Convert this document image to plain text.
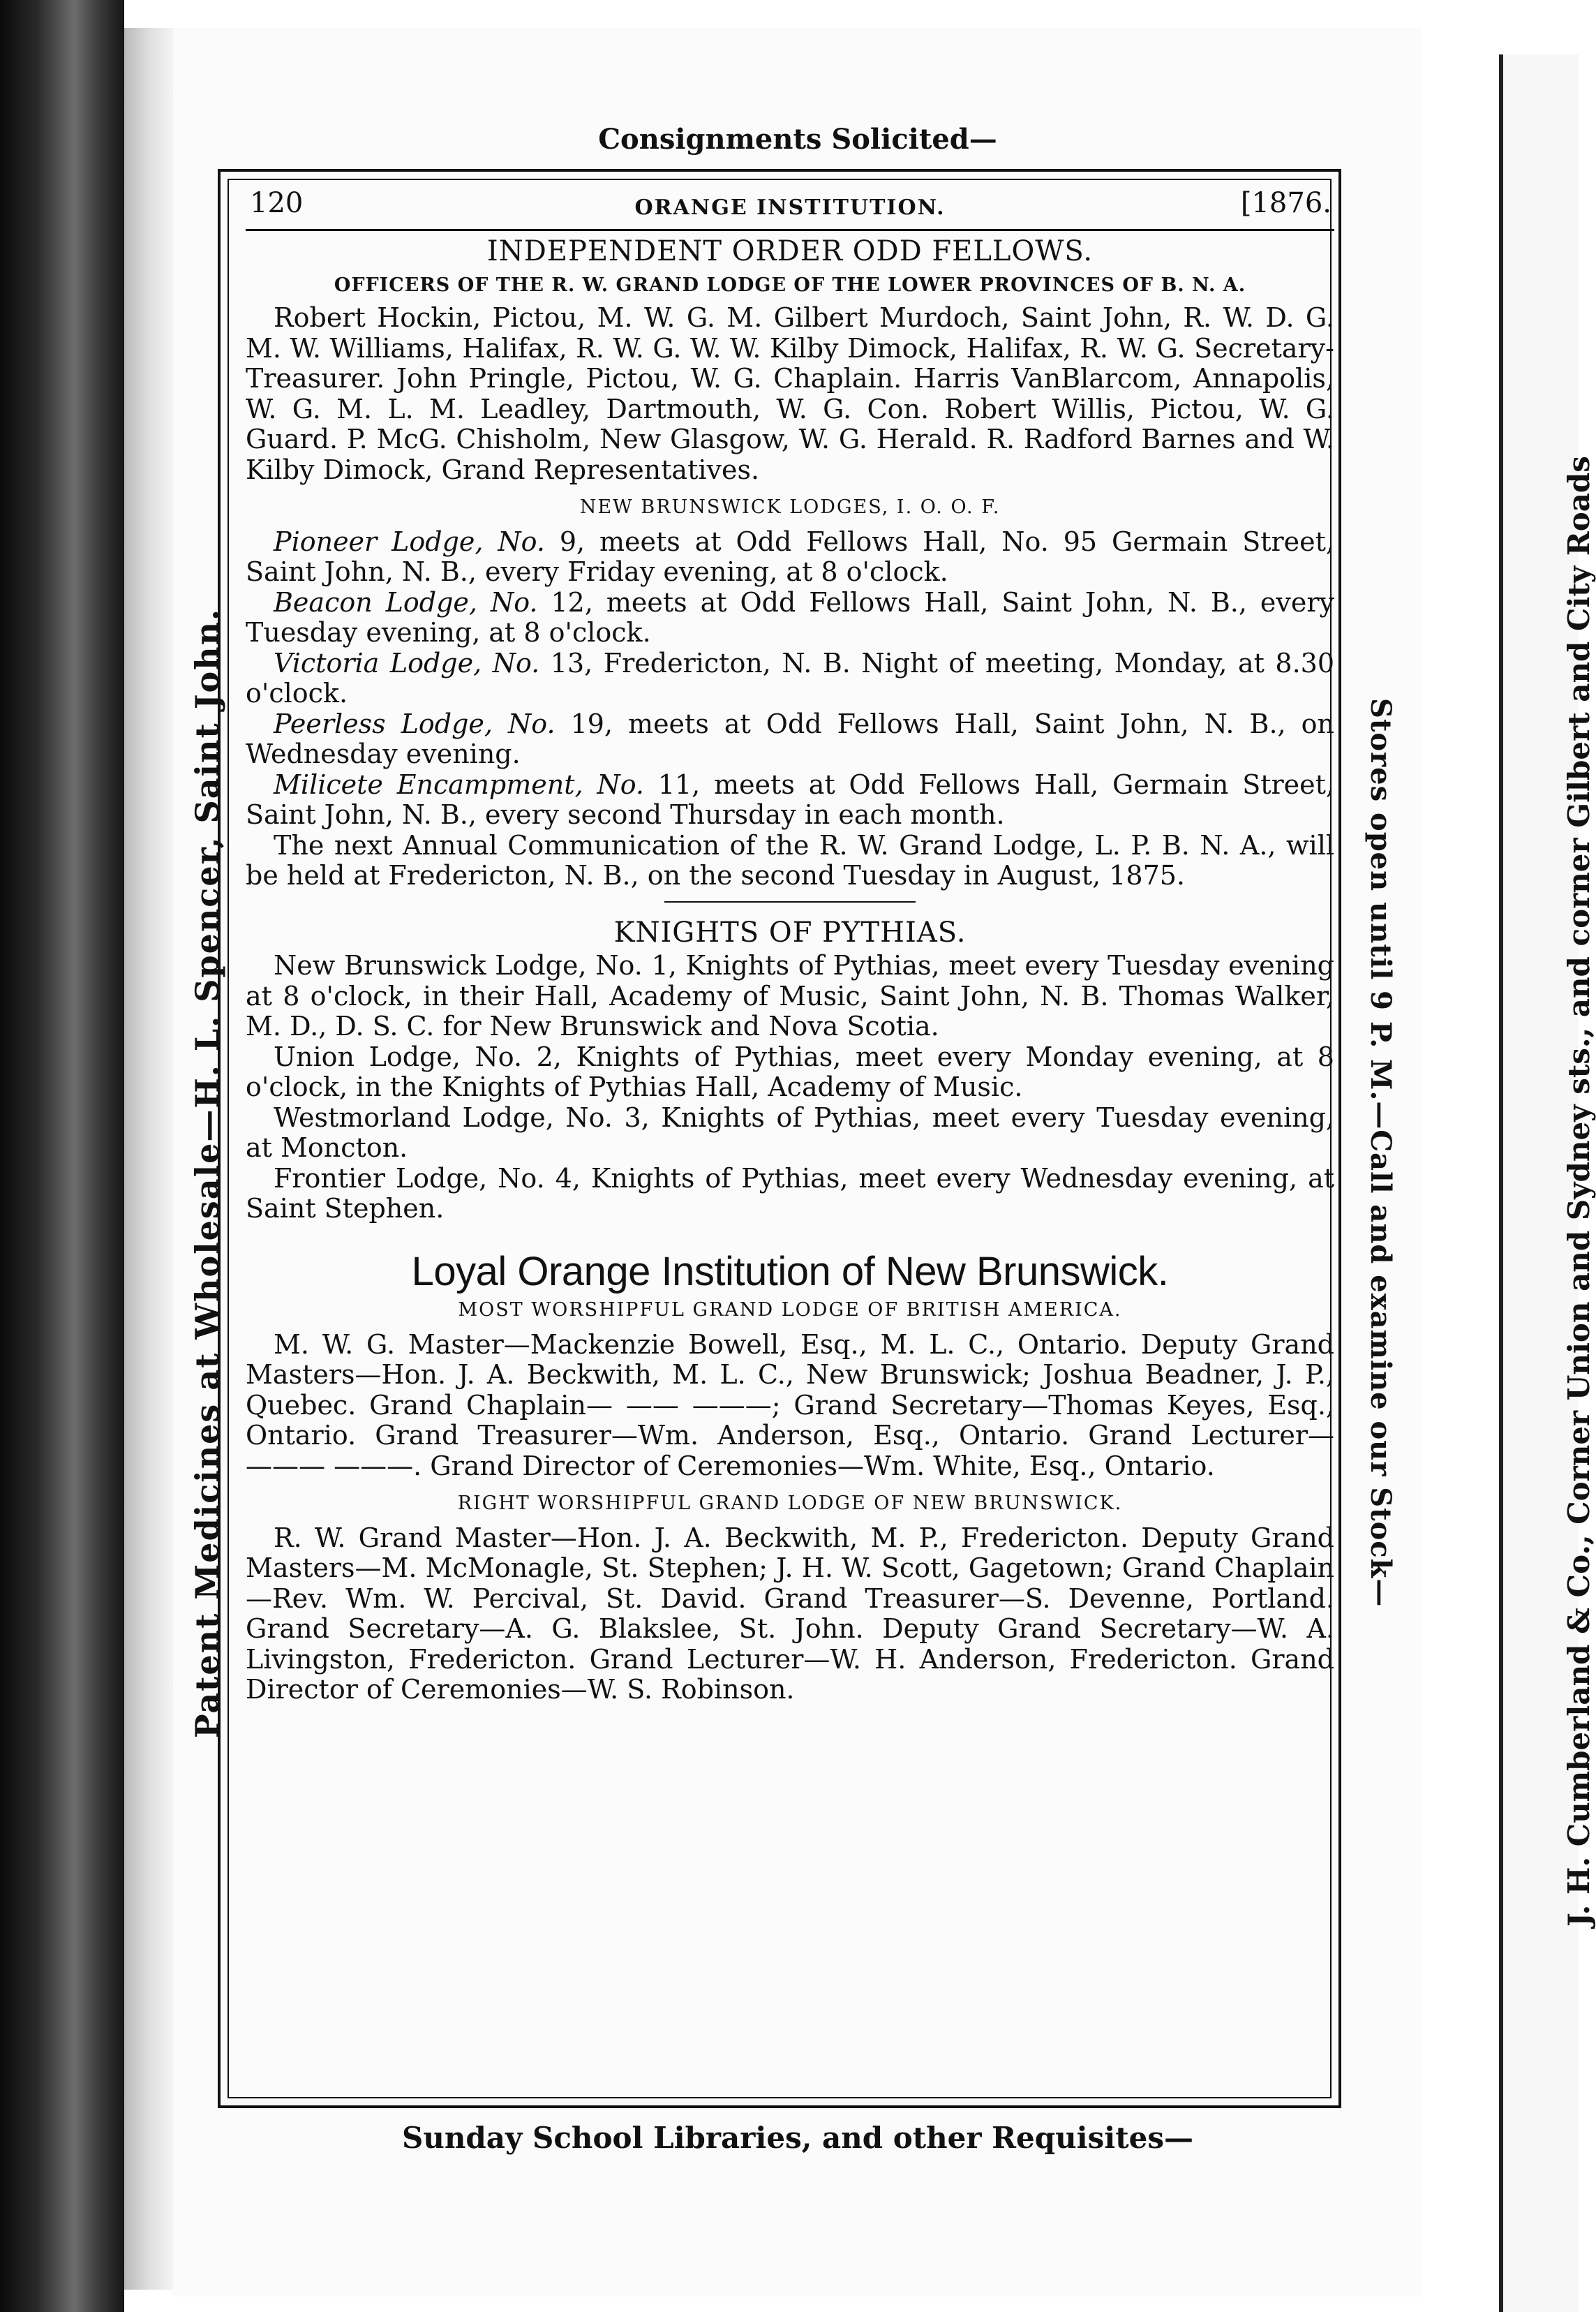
Consignments Solicited—
Sunday School Libraries, and other Requisites—
Patent Medicines at Wholesale—H. L. Spencer, Saint John.	Stores open until 9 P. M.—Call and examine our Stock—	J. H. Cumberland & Co., Corner Union and Sydney sts., and corner Gilbert and City Roads
120	ORANGE INSTITUTION.	[1876.
INDEPENDENT ORDER ODD FELLOWS.
OFFICERS OF THE R. W. GRAND LODGE OF THE LOWER PROVINCES OF B. N. A.

Robert Hockin, Pictou, M. W. G. M. Gilbert Murdoch, Saint John, R. W. D. G. M. W. Williams, Halifax, R. W. G. W. W. Kilby Dimock, Halifax, R. W. G. Secretary-Treasurer. John Pringle, Pictou, W. G. Chaplain. Harris VanBlarcom, Annapolis, W. G. M. L. M. Leadley, Dartmouth, W. G. Con. Robert Willis, Pictou, W. G. Guard. P. McG. Chisholm, New Glasgow, W. G. Herald. R. Radford Barnes and W. Kilby Dimock, Grand Representatives.

NEW BRUNSWICK LODGES, I. O. O. F.

Pioneer Lodge, No. 9, meets at Odd Fellows Hall, No. 95 Germain Street, Saint John, N. B., every Friday evening, at 8 o'clock.

Beacon Lodge, No. 12, meets at Odd Fellows Hall, Saint John, N. B., every Tuesday evening, at 8 o'clock.

Victoria Lodge, No. 13, Fredericton, N. B. Night of meeting, Monday, at 8.30 o'clock.

Peerless Lodge, No. 19, meets at Odd Fellows Hall, Saint John, N. B., on Wednesday evening.

Milicete Encampment, No. 11, meets at Odd Fellows Hall, Germain Street, Saint John, N. B., every second Thursday in each month.

The next Annual Communication of the R. W. Grand Lodge, L. P. B. N. A., will be held at Fredericton, N. B., on the second Tuesday in August, 1875.

KNIGHTS OF PYTHIAS.

New Brunswick Lodge, No. 1, Knights of Pythias, meet every Tuesday evening at 8 o'clock, in their Hall, Academy of Music, Saint John, N. B. Thomas Walker, M. D., D. S. C. for New Brunswick and Nova Scotia.

Union Lodge, No. 2, Knights of Pythias, meet every Monday evening, at 8 o'clock, in the Knights of Pythias Hall, Academy of Music.

Westmorland Lodge, No. 3, Knights of Pythias, meet every Tuesday evening, at Moncton.

Frontier Lodge, No. 4, Knights of Pythias, meet every Wednesday evening, at Saint Stephen.

Loyal Orange Institution of New Brunswick.
MOST WORSHIPFUL GRAND LODGE OF BRITISH AMERICA.

M. W. G. Master—Mackenzie Bowell, Esq., M. L. C., Ontario. Deputy Grand Masters—Hon. J. A. Beckwith, M. L. C., New Brunswick; Joshua Beadner, J. P., Quebec. Grand Chaplain— —— ———; Grand Secretary—Thomas Keyes, Esq., Ontario. Grand Treasurer—Wm. Anderson, Esq., Ontario. Grand Lecturer— ——— ———. Grand Director of Ceremonies—Wm. White, Esq., Ontario.

RIGHT WORSHIPFUL GRAND LODGE OF NEW BRUNSWICK.

R. W. Grand Master—Hon. J. A. Beckwith, M. P., Fredericton. Deputy Grand Masters—M. McMonagle, St. Stephen; J. H. W. Scott, Gagetown; Grand Chaplain—Rev. Wm. W. Percival, St. David. Grand Treasurer—S. Devenne, Portland. Grand Secretary—A. G. Blakslee, St. John. Deputy Grand Secretary—W. A. Livingston, Fredericton. Grand Lecturer—W. H. Anderson, Fredericton. Grand Director of Ceremonies—W. S. Robinson.
